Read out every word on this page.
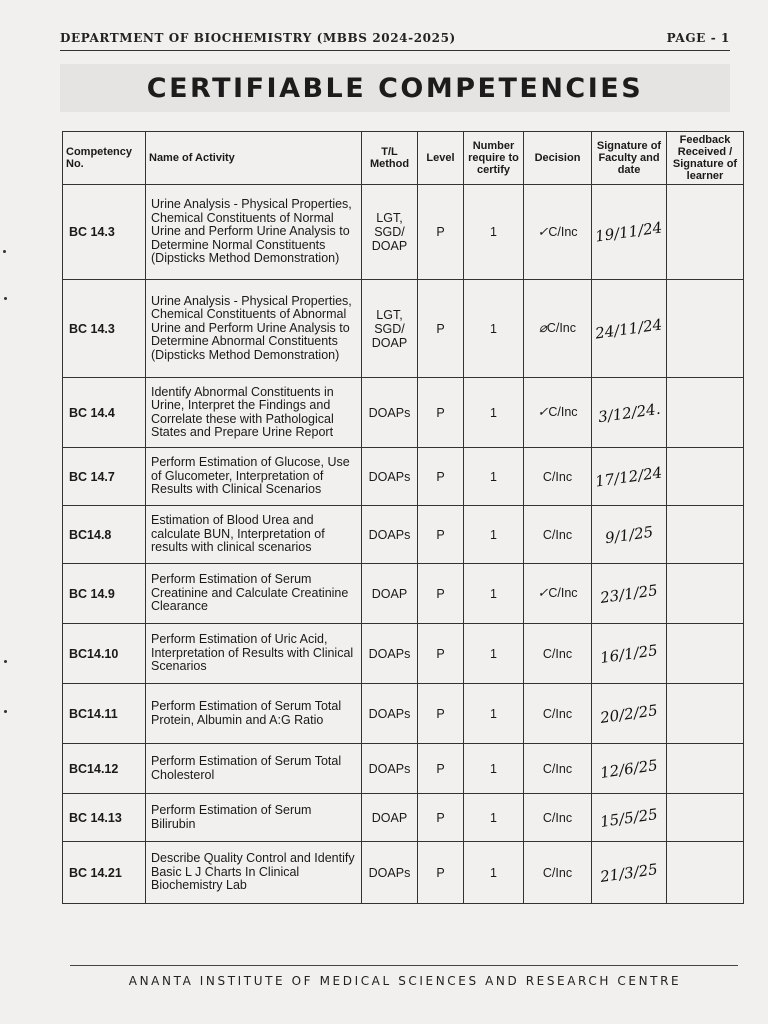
DEPARTMENT OF BIOCHEMISTRY (MBBS 2024-2025)	PAGE - 1
CERTIFIABLE COMPETENCIES
Competency No.	Name of Activity	T/L Method	Level	Number require to certify	Decision	Signature of Faculty and date	Feedback Received / Signature of learner
BC 14.3	Urine Analysis - Physical Properties, Chemical Constituents of Normal Urine and Perform Urine Analysis to Determine Normal Constituents (Dipsticks Method Demonstration)	LGT, SGD/ DOAP	P	1	✓C/Inc	19/11/24	
BC 14.3	Urine Analysis - Physical Properties, Chemical Constituents of Abnormal Urine and Perform Urine Analysis to Determine Abnormal Constituents (Dipsticks Method Demonstration)	LGT, SGD/ DOAP	P	1	⌀C/Inc	24/11/24	
BC 14.4	Identify Abnormal Constituents in Urine, Interpret the Findings and Correlate these with Pathological States and Prepare Urine Report	DOAPs	P	1	✓C/Inc	3/12/24.	
BC 14.7	Perform Estimation of Glucose, Use of Glucometer, Interpretation of Results with Clinical Scenarios	DOAPs	P	1	C/Inc	17/12/24	
BC14.8	Estimation of Blood Urea and calculate BUN, Interpretation of results with clinical scenarios	DOAPs	P	1	C/Inc	9/1/25	
BC 14.9	Perform Estimation of Serum Creatinine and Calculate Creatinine Clearance	DOAP	P	1	✓C/Inc	23/1/25	
BC14.10	Perform Estimation of Uric Acid, Interpretation of Results with Clinical Scenarios	DOAPs	P	1	C/Inc	16/1/25	
BC14.11	Perform Estimation of Serum Total Protein, Albumin and A:G Ratio	DOAPs	P	1	C/Inc	20/2/25	
BC14.12	Perform Estimation of Serum Total Cholesterol	DOAPs	P	1	C/Inc	12/6/25	
BC 14.13	Perform Estimation of Serum Bilirubin	DOAP	P	1	C/Inc	15/5/25	
BC 14.21	Describe Quality Control and Identify Basic L J Charts In Clinical Biochemistry Lab	DOAPs	P	1	C/Inc	21/3/25	
ANANTA INSTITUTE OF MEDICAL SCIENCES AND RESEARCH CENTRE
